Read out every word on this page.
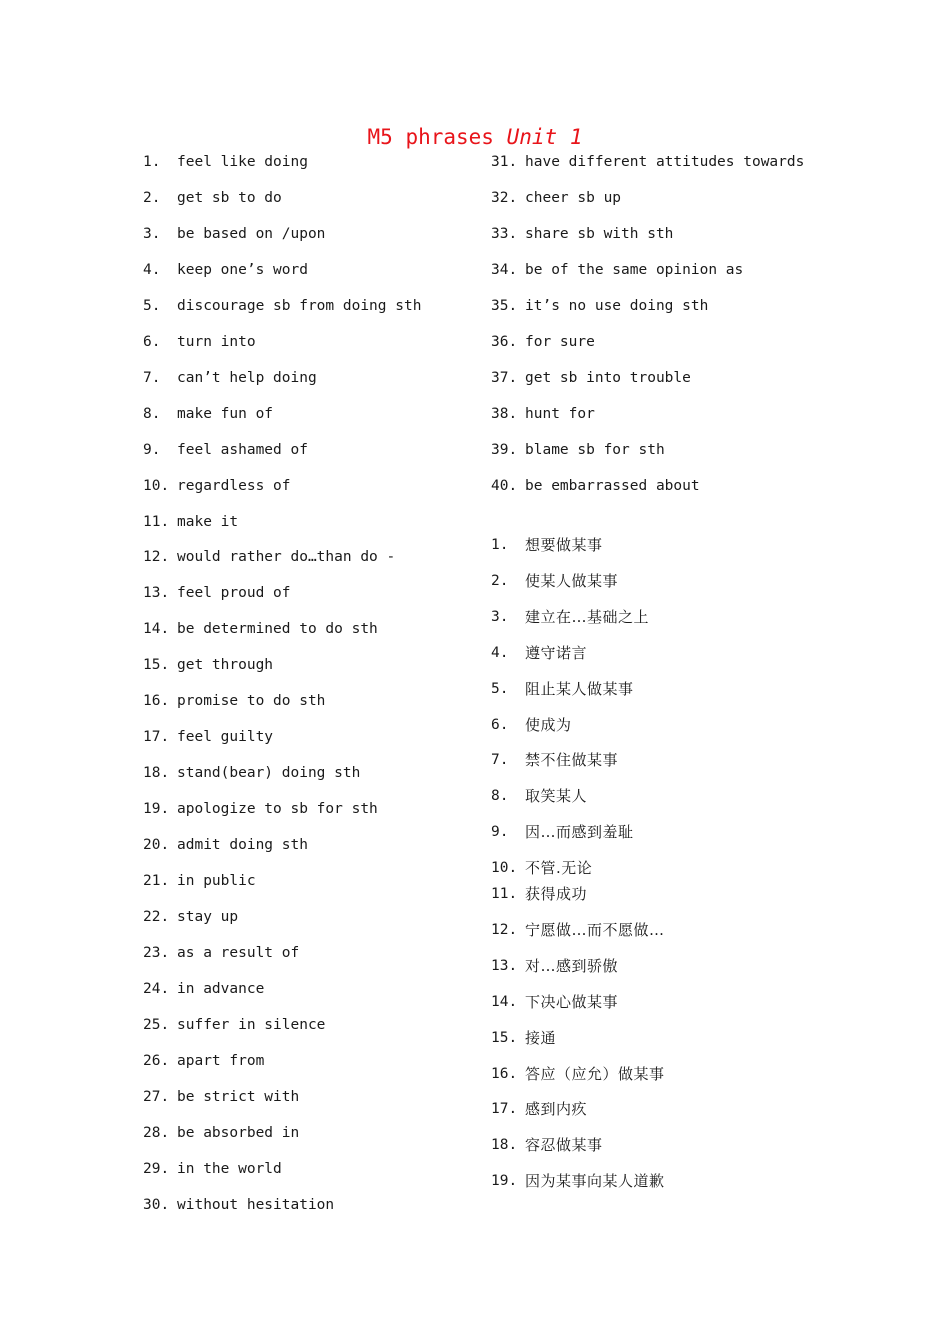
M5 phrases Unit 1
1. feel like doing
2. get sb to do
3. be based on /upon
4. keep one’s word
5. discourage sb from doing sth
6. turn into
7. can’t help doing
8. make fun of
9. feel ashamed of
10. regardless of
11. make it
12. would rather do…than do -
13. feel proud of
14. be determined to do sth
15. get through
16. promise to do sth
17. feel guilty
18. stand(bear) doing sth
19. apologize to sb for sth
20. admit doing sth
21. in public
22. stay up
23. as a result of
24. in advance
25. suffer in silence
26. apart from
27. be strict with
28. be absorbed in
29. in the world
30. without hesitation
31. have different attitudes towards
32. cheer sb up
33. share sb with sth
34. be of the same opinion as
35. it’s no use doing sth
36. for sure
37. get sb into trouble
38. hunt for
39. blame sb for sth
40. be embarrassed about
1. 想要做某事
2. 使某人做某事
3. 建立在…基础之上
4. 遵守诺言
5. 阻止某人做某事
6. 使成为
7. 禁不住做某事
8. 取笑某人
9. 因…而感到羞耻
10. 不管.无论
11. 获得成功
12. 宁愿做…而不愿做…
13. 对…感到骄傲
14. 下决心做某事
15. 接通
16. 答应（应允）做某事
17. 感到内疚
18. 容忍做某事
19. 因为某事向某人道歉
